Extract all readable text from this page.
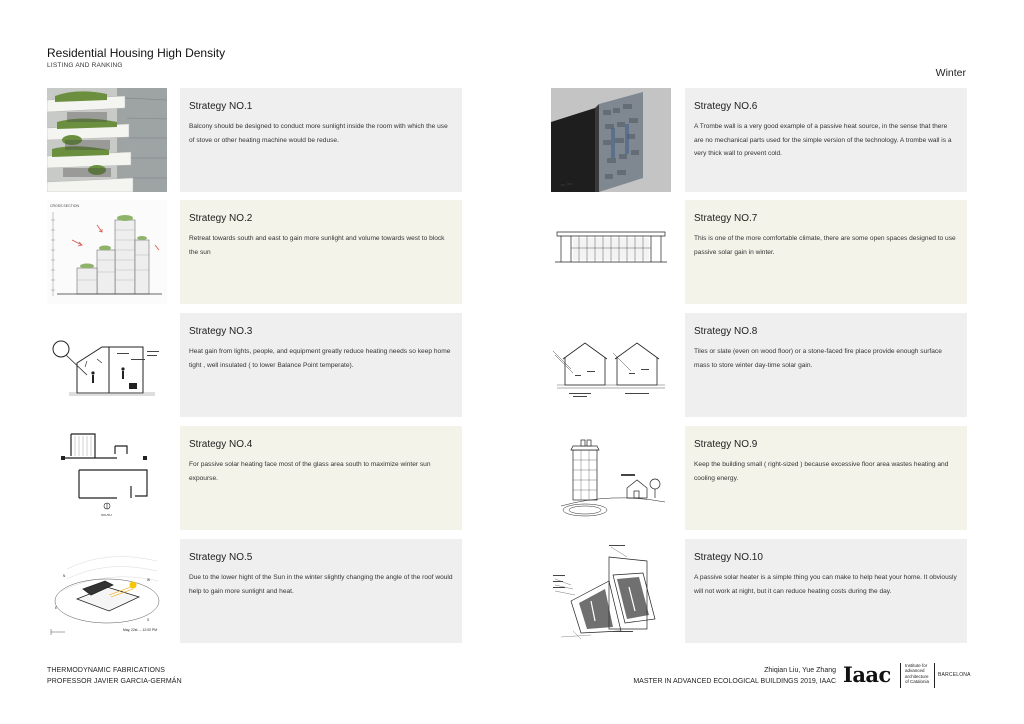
Residential Housing High Density
LISTING AND RANKING
Winter
Strategy NO.1

Balcony should be designed to conduct more sunlight inside the room with which the use of stove or other heating machine would be reduse.

CROSS SECTION
Strategy NO.2

Retreat towards south and east to gain more sunlight and volume towards west to block the sun

Strategy NO.3

Heat gain from lights, people, and equipment greatly reduce heating needs so keep home tight , well insulated ( to lower Balance Point temperate).

SOUTH
Strategy NO.4

For passive solar heating face most of the glass area south to maximize winter sun expourse.

N
S
E
W
May, 22st. -- 12:00 PM
Strategy NO.5

Due to the lower hight of the Sun in the winter slightly changing the angle of the roof would help to gain more sunlight and heat.

Strategy NO.6

A Trombe wall is a very good example of a passive heat source, in the sense that there are no mechanical parts used for the simple version of the technology. A trombe wall is a very thick wall to prevent cold.

Strategy NO.7

This is one of the more comfortable climate, there are some open spaces designed to use passive solar gain in winter.

Strategy NO.8

Tiles or slate (even on wood floor) or a stone-faced fire place provide enough surface mass to store winter day-time solar gain.

Strategy NO.9

Keep the building small ( right-sized ) because excessive floor area wastes heating and cooling energy.

Strategy NO.10

A passive solar heater is a simple thing you can make to help heat your home. It obviously will not work at night, but it can reduce heating costs during the day.

THERMODYNAMIC FABRICATIONS
PROFESSOR JAVIER GARCIA-GERMÁN
Zhiqian Liu, Yue Zhang
MASTER IN ADVANCED ECOLOGICAL BUILDINGS 2019, IAAC Iaac	Institute for
advanced
architecture
of Catalonia
BARCELONA
